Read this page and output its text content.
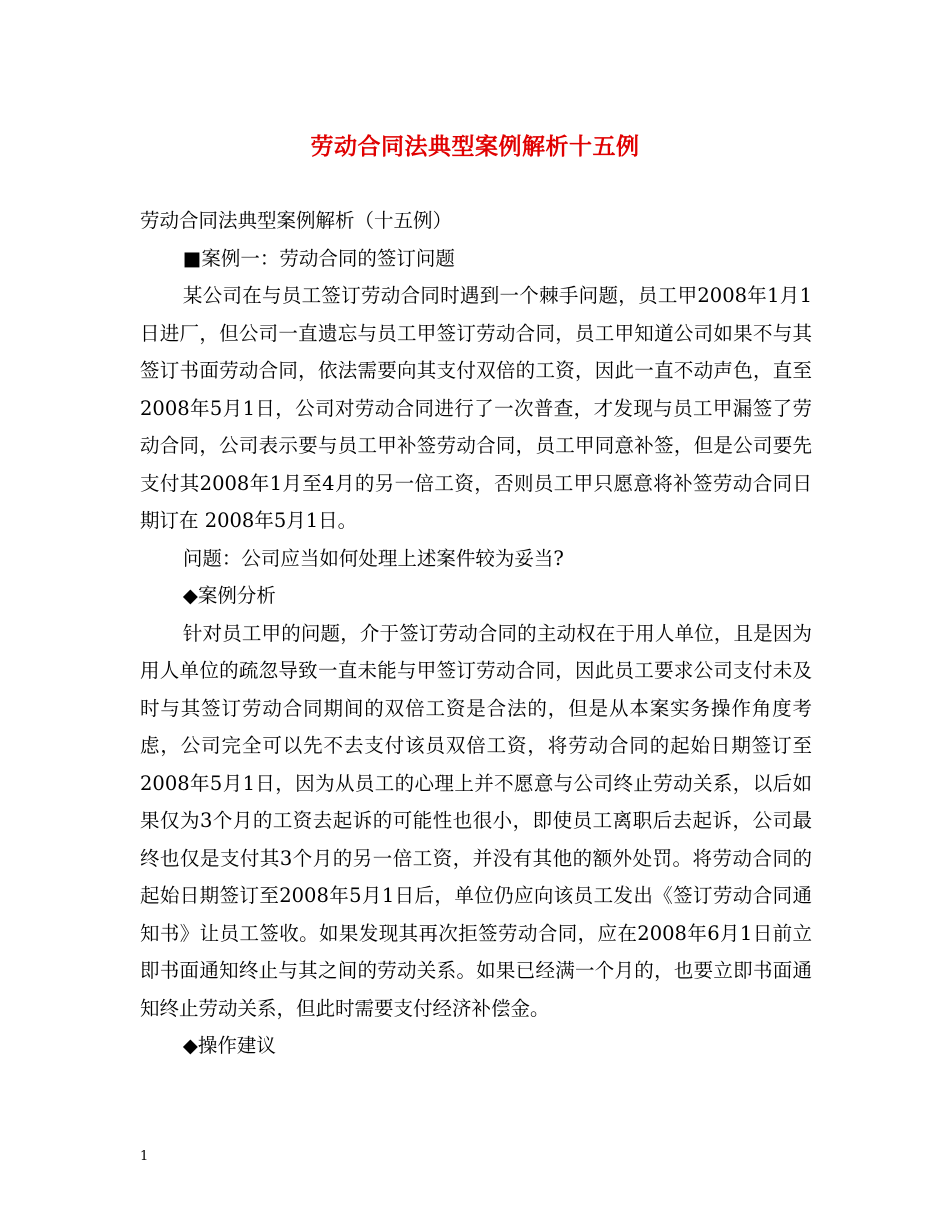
劳动合同法典型案例解析十五例

劳动合同法典型案例解析（十五例）

■案例一：劳动合同的签订问题

某公司在与员工签订劳动合同时遇到一个棘手问题，员工甲2008年1月1日进厂，但公司一直遗忘与员工甲签订劳动合同，员工甲知道公司如果不与其签订书面劳动合同，依法需要向其支付双倍的工资，因此一直不动声色，直至 2008年5月1日，公司对劳动合同进行了一次普查，才发现与员工甲漏签了劳动合同，公司表示要与员工甲补签劳动合同，员工甲同意补签，但是公司要先支付其2008年1月至4月的另一倍工资，否则员工甲只愿意将补签劳动合同日期订在 2008年5月1日。

问题：公司应当如何处理上述案件较为妥当?

◆案例分析

针对员工甲的问题，介于签订劳动合同的主动权在于用人单位，且是因为用人单位的疏忽导致一直未能与甲签订劳动合同，因此员工要求公司支付未及时与其签订劳动合同期间的双倍工资是合法的，但是从本案实务操作角度考虑，公司完全可以先不去支付该员双倍工资，将劳动合同的起始日期签订至2008年5月1日，因为从员工的心理上并不愿意与公司终止劳动关系，以后如果仅为3个月的工资去起诉的可能性也很小，即使员工离职后去起诉，公司最终也仅是支付其3个月的另一倍工资，并没有其他的额外处罚。将劳动合同的起始日期签订至2008年5月1日后，单位仍应向该员工发出《签订劳动合同通知书》让员工签收。如果发现其再次拒签劳动合同，应在2008年6月1日前立即书面通知终止与其之间的劳动关系。如果已经满一个月的，也要立即书面通知终止劳动关系，但此时需要支付经济补偿金。

◆操作建议

1
